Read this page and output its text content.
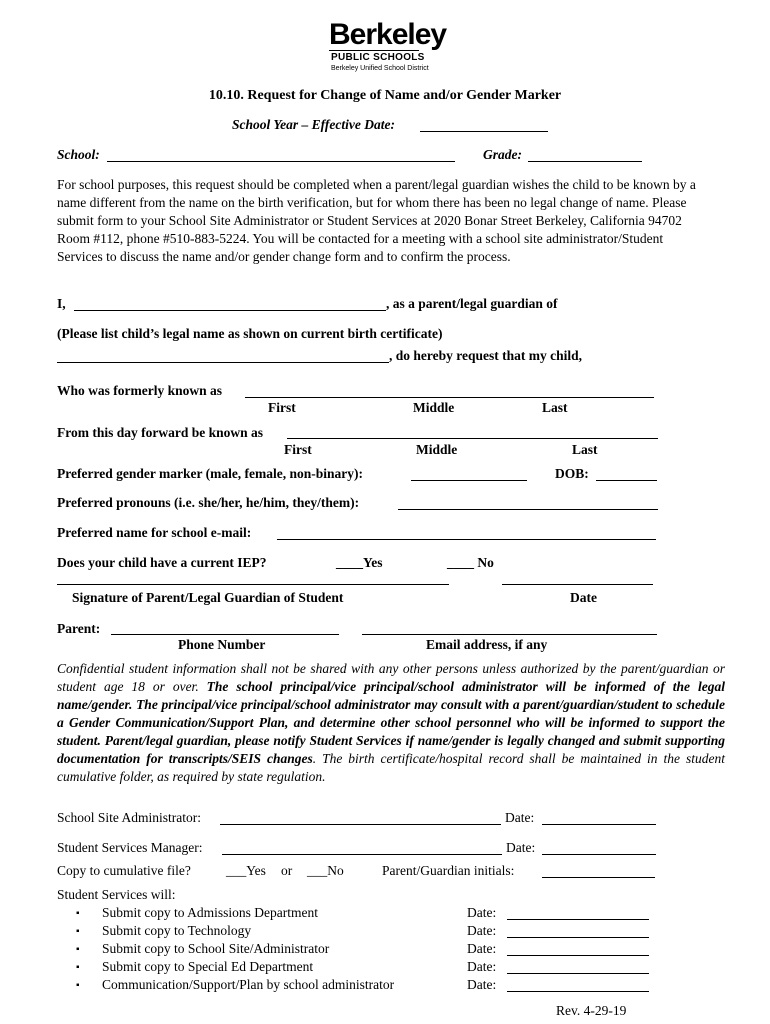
Berkeley
PUBLIC SCHOOLS
Berkeley Unified School District
10.10. Request for Change of Name and/or Gender Marker
School Year – Effective Date:
School:	Grade:
For school purposes, this request should be completed when a parent/legal guardian wishes the child to be known by a name different from the name on the birth verification, but for whom there has been no legal change of name. Please submit form to your School Site Administrator or Student Services at 2020 Bonar Street Berkeley, California 94702 Room #112, phone #510-883-5224. You will be contacted for a meeting with a school site administrator/Student Services to discuss the name and/or gender change form and to confirm the process.
I,	, as a parent/legal guardian of
(Please list child’s legal name as shown on current birth certificate)
, do hereby request that my child,
Who was formerly known as
First	Middle	Last
From this day forward be known as
First	Middle	Last
Preferred gender marker (male, female, non-binary):	DOB:
Preferred pronouns (i.e. she/her, he/him, they/them):
Preferred name for school e-mail:
Does your child have a current IEP?	____Yes	____ No
Signature of Parent/Legal Guardian of Student	Date
Parent:
Phone Number	Email address, if any
Confidential student information shall not be shared with any other persons unless authorized by the parent/guardian or student age 18 or over. The school principal/vice principal/school administrator will be informed of the legal name/gender. The principal/vice principal/school administrator may consult with a parent/guardian/student to schedule a Gender Communication/Support Plan, and determine other school personnel who will be informed to support the student. Parent/legal guardian, please notify Student Services if name/gender is legally changed and submit supporting documentation for transcripts/SEIS changes. The birth certificate/hospital record shall be maintained in the student cumulative folder, as required by state regulation.
School Site Administrator:	Date:
Student Services Manager:	Date:
Copy to cumulative file?	___Yes or ___No	Parent/Guardian initials:
Student Services will:
▪ Submit copy to Admissions Department	Date:
▪ Submit copy to Technology	Date:
▪ Submit copy to School Site/Administrator	Date:
▪ Submit copy to Special Ed Department	Date:
▪ Communication/Support/Plan by school administrator	Date:
Rev. 4-29-19
